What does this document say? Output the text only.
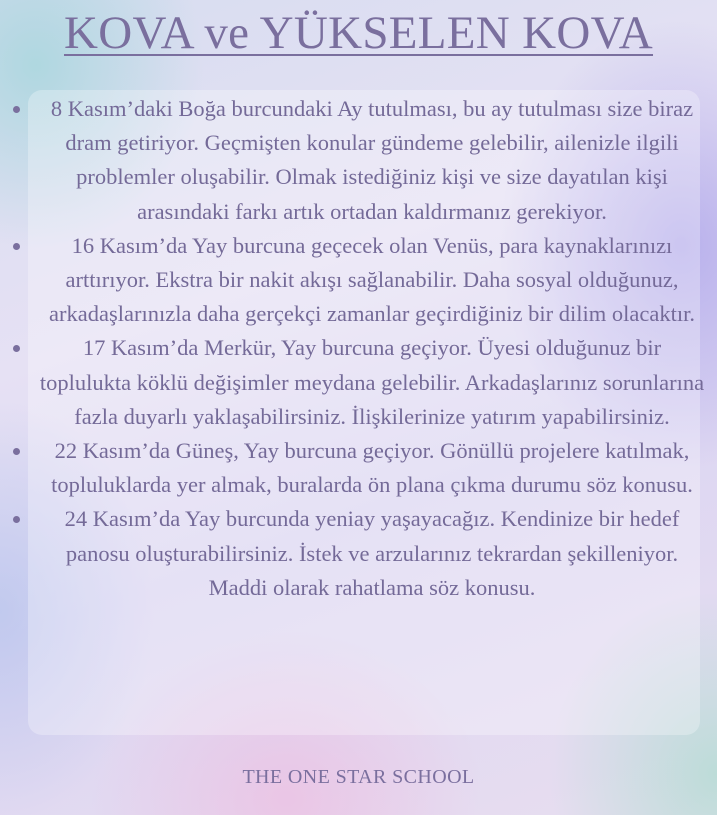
KOVA ve YÜKSELEN KOVA
8 Kasım’daki Boğa burcundaki Ay tutulması, bu ay tutulması size biraz dram getiriyor. Geçmişten konular gündeme gelebilir, ailenizle ilgili problemler oluşabilir. Olmak istediğiniz kişi ve size dayatılan kişi arasındaki farkı artık ortadan kaldırmanız gerekiyor.
16 Kasım’da Yay burcuna geçecek olan Venüs, para kaynaklarınızı arttırıyor. Ekstra bir nakit akışı sağlanabilir. Daha sosyal olduğunuz, arkadaşlarınızla daha gerçekçi zamanlar geçirdiğiniz bir dilim olacaktır.
17 Kasım’da Merkür, Yay burcuna geçiyor. Üyesi olduğunuz bir toplulukta köklü değişimler meydana gelebilir. Arkadaşlarınız sorunlarına fazla duyarlı yaklaşabilirsiniz. İlişkilerinize yatırım yapabilirsiniz.
22 Kasım’da Güneş, Yay burcuna geçiyor. Gönüllü projelere katılmak, topluluklarda yer almak, buralarda ön plana çıkma durumu söz konusu.
24 Kasım’da Yay burcunda yeniay yaşayacağız. Kendinize bir hedef panosu oluşturabilirsiniz. İstek ve arzularınız tekrardan şekilleniyor. Maddi olarak rahatlama söz konusu.
THE ONE STAR SCHOOL
